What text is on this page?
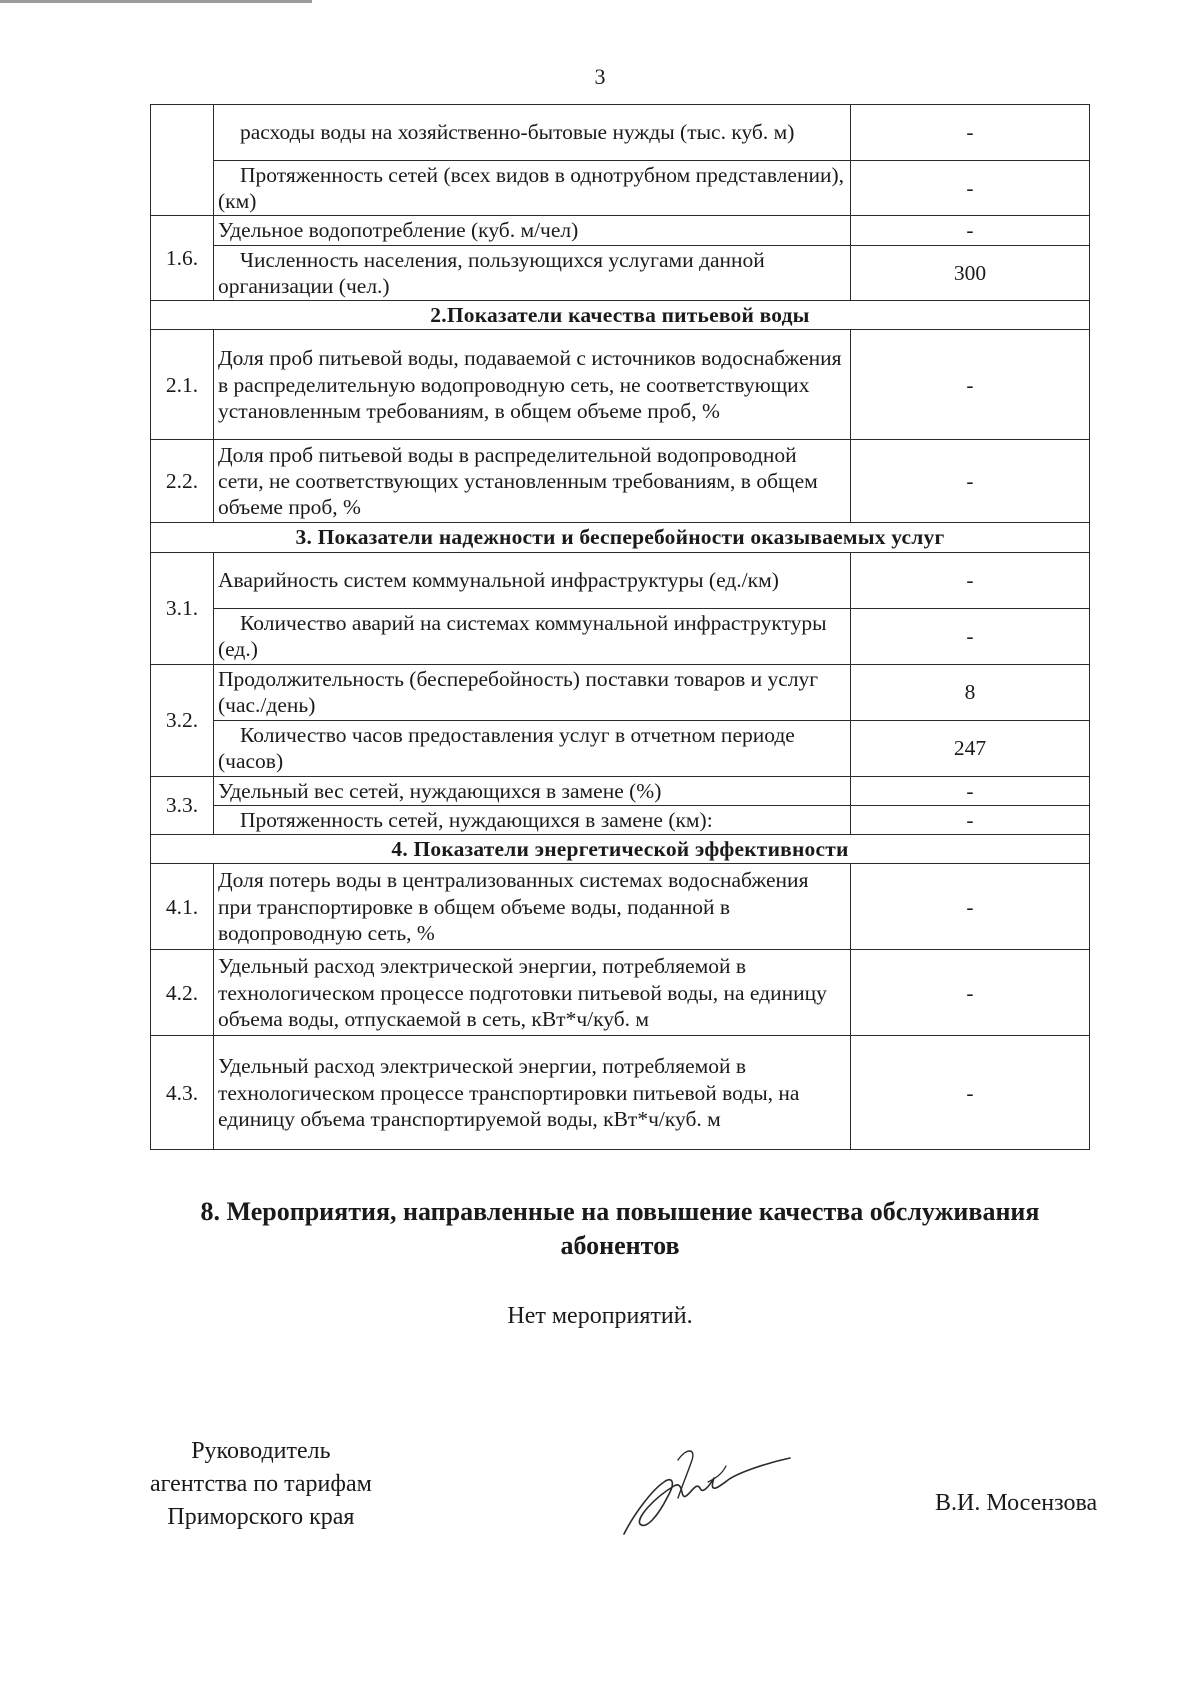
3
	расходы воды на хозяйственно-бытовые нужды (тыс. куб. м)	-
	Протяженность сетей (всех видов в однотрубном представлении), (км)	-
1.6.	Удельное водопотребление (куб. м/чел)	-
	Численность населения, пользующихся услугами данной организации (чел.)	300
2.Показатели качества питьевой воды		
2.1.	Доля проб питьевой воды, подаваемой с источников водоснабжения в распределительную водопроводную сеть, не соответствующих установленным требованиям, в общем объеме проб, %	-
2.2.	Доля проб питьевой воды в распределительной водопроводной сети, не соответствующих установленным требованиям, в общем объеме проб, %	-
3. Показатели надежности и бесперебойности оказываемых услуг		
3.1.	Аварийность систем коммунальной инфраструктуры (ед./км)	-
	Количество аварий на системах коммунальной инфраструктуры (ед.)	-
3.2.	Продолжительность (бесперебойность) поставки товаров и услуг (час./день)	8
	Количество часов предоставления услуг в отчетном периоде (часов)	247
3.3.	Удельный вес сетей, нуждающихся в замене (%)	-
	Протяженность сетей, нуждающихся в замене (км):	-
4. Показатели энергетической эффективности		
4.1.	Доля потерь воды в централизованных системах водоснабжения при транспортировке в общем объеме воды, поданной в водопроводную сеть, %	-
4.2.	Удельный расход электрической энергии, потребляемой в технологическом процессе подготовки питьевой воды, на единицу объема воды, отпускаемой в сеть, кВт*ч/куб. м	-
4.3.	Удельный расход электрической энергии, потребляемой в технологическом процессе транспортировки питьевой воды, на единицу объема транспортируемой воды, кВт*ч/куб. м	-
8. Мероприятия, направленные на повышение качества обслуживания
абонентов
Нет мероприятий.
Руководитель
агентства по тарифам
Приморского края
В.И. Мосензова
